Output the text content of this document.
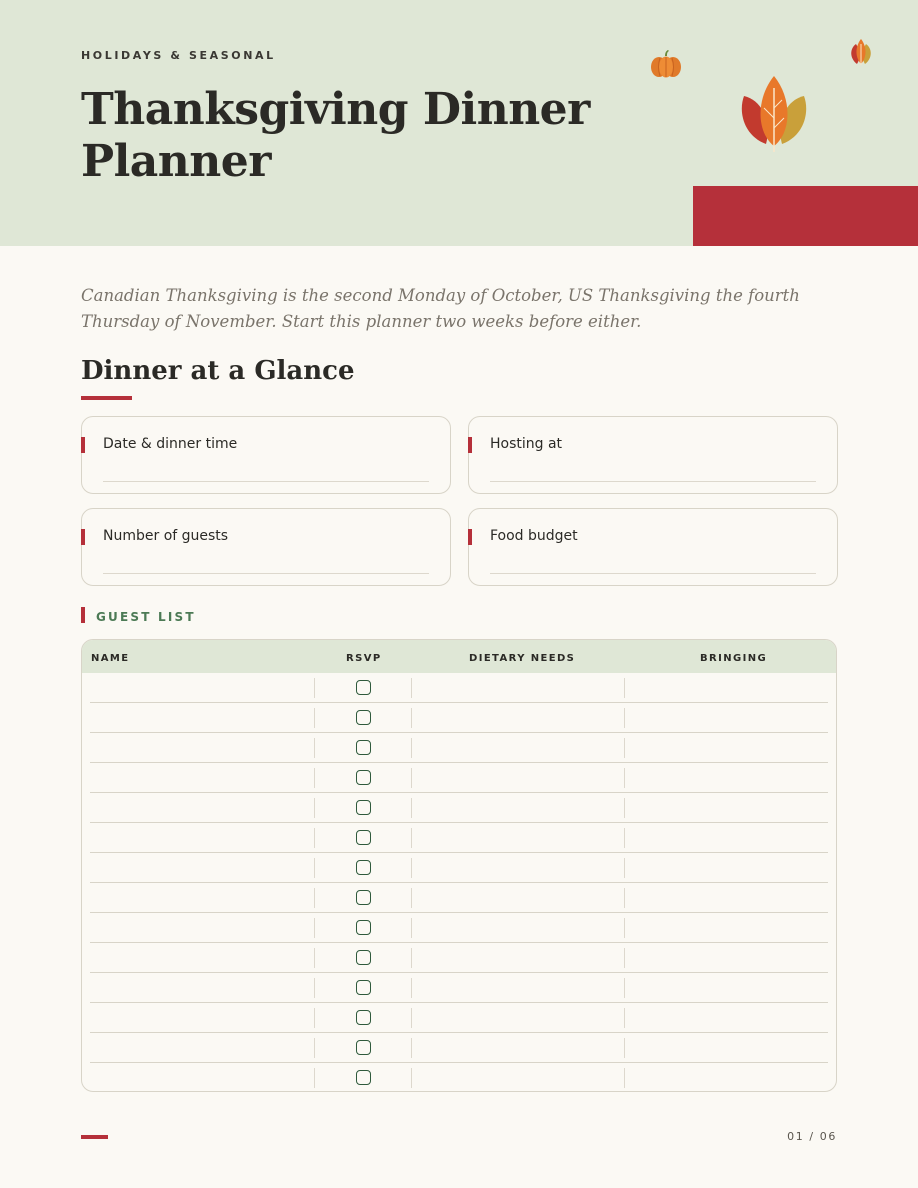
HOLIDAYS & SEASONAL
Thanksgiving Dinner Planner

Canadian Thanksgiving is the second Monday of October, US Thanksgiving the fourth Thursday of November. Start this planner two weeks before either.

Dinner at a Glance
Date & dinner time	Hosting at
Number of guests	Food budget
GUEST LIST
NAME	RSVP	DIETARY NEEDS	BRINGING
01 / 06
